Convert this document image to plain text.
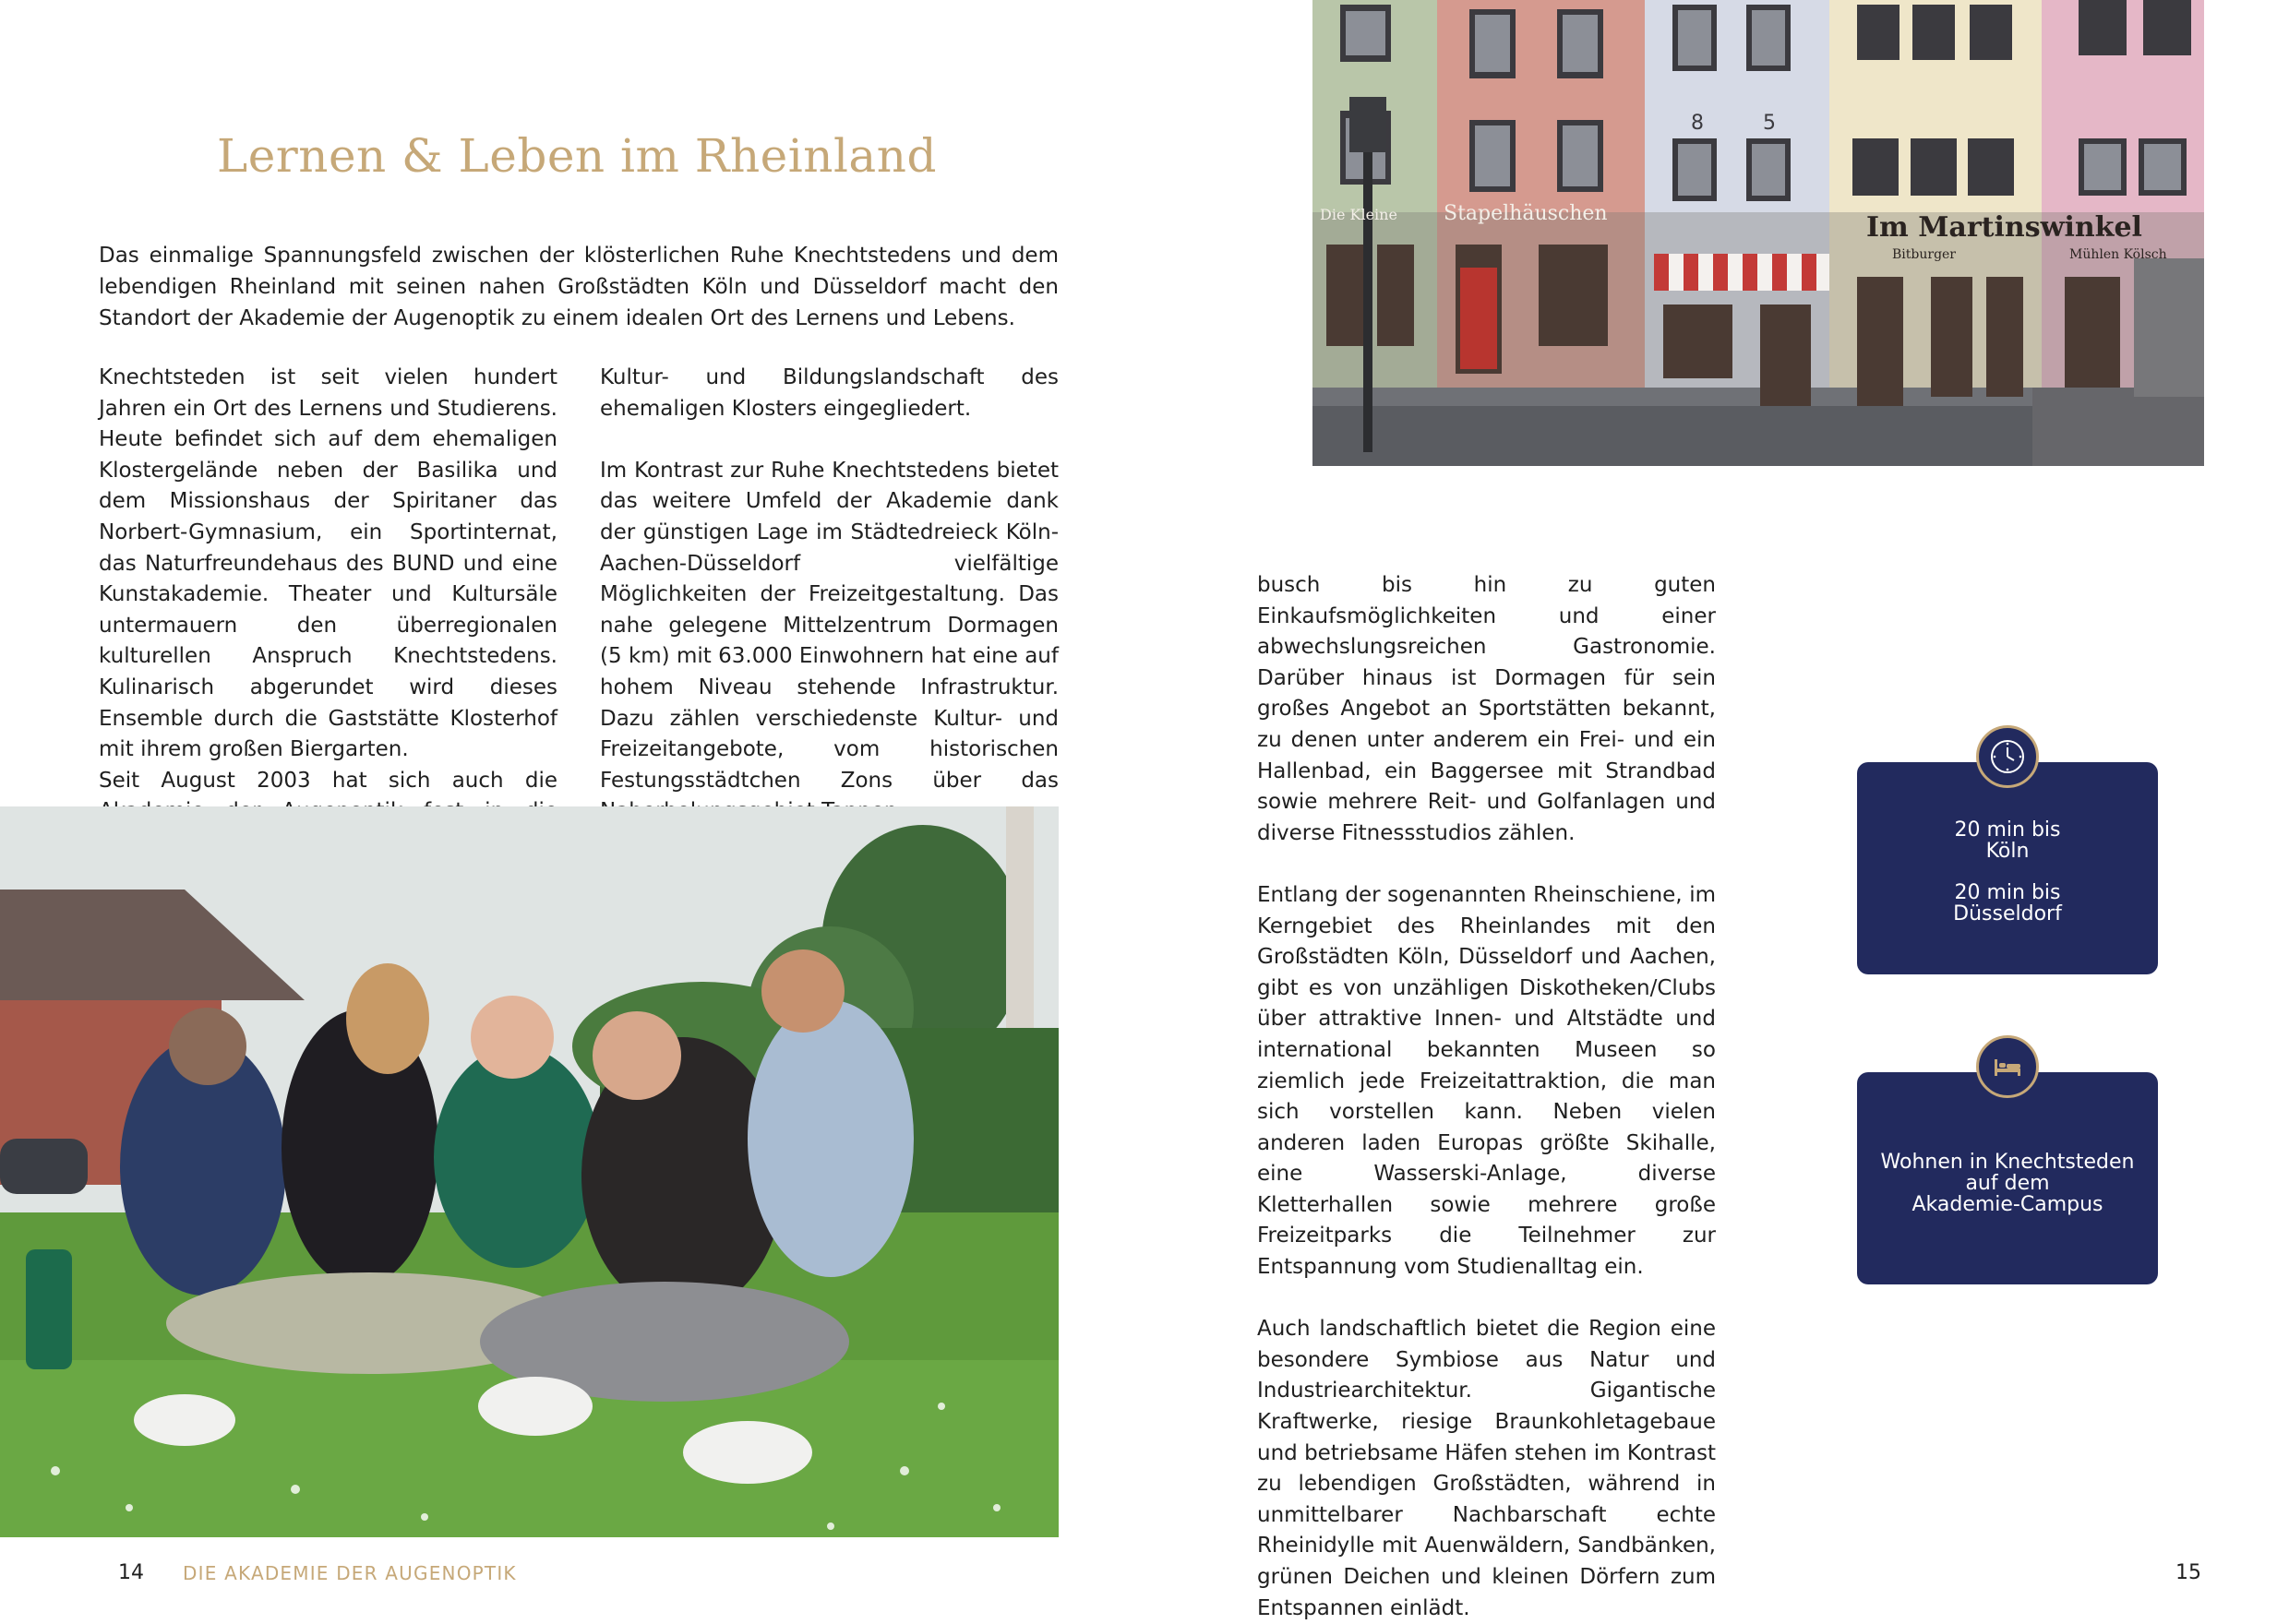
Lernen & Leben im Rheinland

Das einmalige Spannungsfeld zwischen der klösterlichen Ruhe Knechtstedens und dem lebendigen Rheinland mit seinen nahen Großstädten Köln und Düsseldorf macht den Standort der Akademie der Augenoptik zu einem idealen Ort des Lernens und Lebens.

Knechtsteden ist seit vielen hundert Jahren ein Ort des Lernens und Studierens. Heute befindet sich auf dem ehemaligen Klostergelände neben der Basilika und dem Missionshaus der Spiritaner das Norbert-Gymnasium, ein Sportinternat, das Naturfreundehaus des BUND und eine Kunstakademie. Theater und Kultursäle untermauern den überregionalen kulturellen Anspruch Knechtstedens. Kulinarisch abgerundet wird dieses Ensemble durch die Gaststätte Klosterhof mit ihrem großen Biergarten.

Seit August 2003 hat sich auch die

Kultur- und Bildungslandschaft des ehemaligen Klosters eingegliedert.

Im Kontrast zur Ruhe Knechtstedens bietet das weitere Umfeld der Akademie dank der günstigen Lage im Städtedreieck Köln-Aachen-Düsseldorf vielfältige Möglichkeiten der Freizeitgestaltung. Das nahe gelegene Mittelzentrum Dormagen (5 km) mit 63.000 Einwohnern hat eine auf hohem Niveau stehende Infrastruktur. Dazu zählen verschiedenste Kultur- und Freizeitangebote, vom historischen Festungsstädtchen Zons über das

busch bis hin zu guten Einkaufsmöglichkeiten und einer abwechslungsreichen Gastronomie. Darüber hinaus ist Dormagen für sein großes Angebot an Sportstätten bekannt, zu denen unter anderem ein Frei- und ein Hallenbad, ein Baggersee mit Strandbad sowie mehrere Reit- und Golfanlagen und diverse Fitnessstudios zählen.

Entlang der sogenannten Rheinschiene, im Kerngebiet des Rheinlandes mit den Großstädten Köln, Düsseldorf und Aachen, gibt es von unzähligen Diskotheken/Clubs über attraktive Innen- und Altstädte und international bekannten Museen so ziemlich jede Freizeitattraktion, die man sich vorstellen kann. Neben vielen anderen laden Europas größte Skihalle, eine Wasserski-Anlage, diverse Kletterhallen sowie mehrere große Freizeitparks die Teilnehmer zur Entspannung vom Studienalltag ein.

Auch landschaftlich bietet die Region eine besondere Symbiose aus Natur und Industriearchitektur. Gigantische Kraftwerke, riesige Braunkohletagebaue und betriebsame Häfen stehen im Kontrast zu lebendigen Großstädten, während in unmittelbarer Nachbarschaft echte Rheinidylle mit Auenwäldern, Sandbänken, grünen Deichen und kleinen Dörfern zum Entspannen einlädt.

Im Martinswinkel
Stapelhäuschen
Die Kleine
Bitburger	Mühlen Kölsch
8	5
20 min bis
Köln
20 min bis
Düsseldorf
Wohnen in Knechtsteden
auf dem
Akademie-Campus
14 DIE AKADEMIE DER AUGENOPTIK	15
